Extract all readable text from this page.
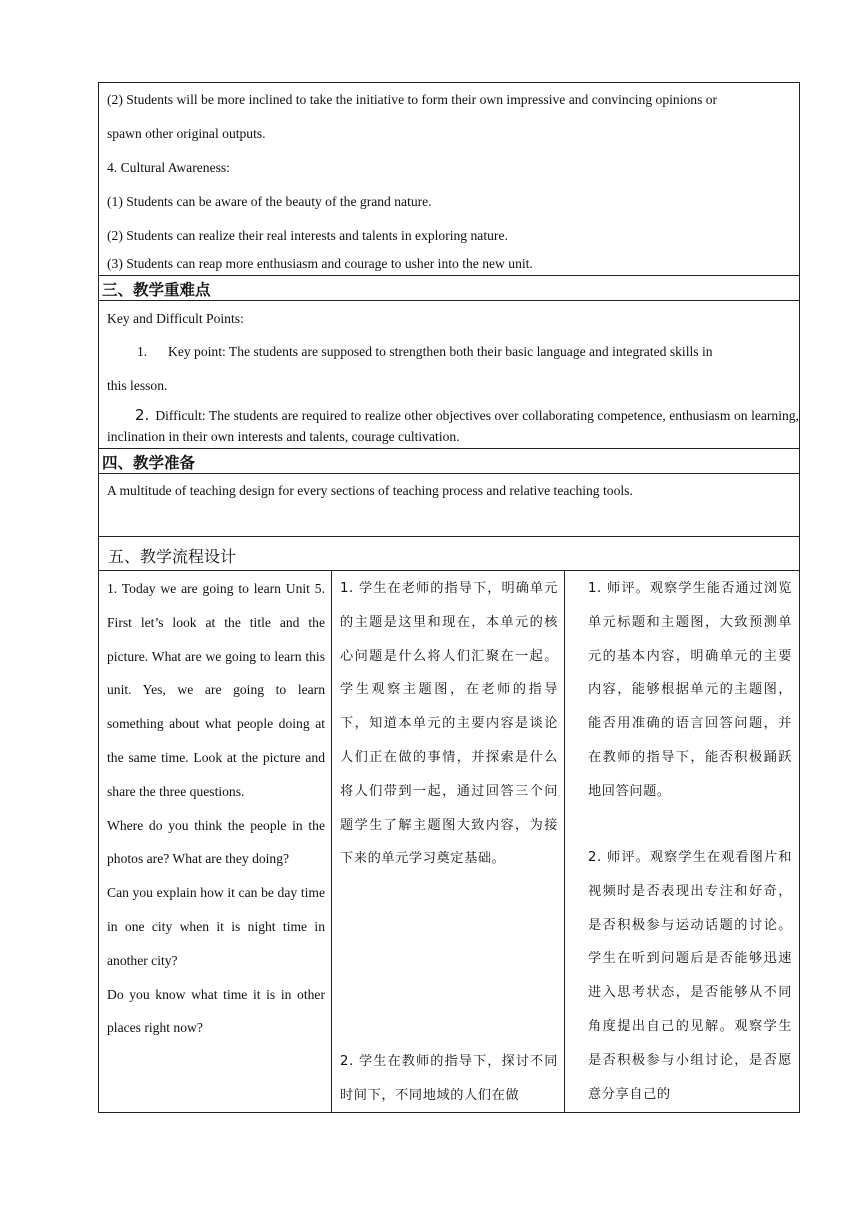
(2) Students will be more inclined to take the initiative to form their own impressive and convincing opinions or
spawn other original outputs.
4. Cultural Awareness:
(1) Students can be aware of the beauty of the grand nature.
(2) Students can realize their real interests and talents in exploring nature.
(3) Students can reap more enthusiasm and courage to usher into the new unit.
三、教学重难点
Key and Difficult Points:
1. Key point: The students are supposed to strengthen both their basic language and integrated skills in
this lesson.
2. Difficult: The students are required to realize other objectives over collaborating competence, enthusiasm on learning, inclination in their own interests and talents, courage cultivation.
四、教学准备
A multitude of teaching design for every sections of teaching process and relative teaching tools.
五、教学流程设计

1. Today we are going to learn Unit 5. First let’s look at the title and the picture. What are we going to learn this unit. Yes, we are going to learn something about what people doing at the same time. Look at the picture and share the three questions.

Where do you think the people in the photos are? What are they doing?

Can you explain how it can be day time in one city when it is night time in another city?

Do you know what time it is in other places right now?

1. 学生在老师的指导下，明确单元的主题是这里和现在，本单元的核心问题是什么将人们汇聚在一起。学生观察主题图，在老师的指导下，知道本单元的主要内容是谈论人们正在做的事情，并探索是什么将人们带到一起，通过回答三个问题学生了解主题图大致内容，为接下来的单元学习奠定基础。

2. 学生在教师的指导下，探讨不同时间下，不同地域的人们在做

1. 师评。观察学生能否通过浏览单元标题和主题图，大致预测单元的基本内容，明确单元的主要内容，能够根据单元的主题图，能否用准确的语言回答问题，并在教师的指导下，能否积极踊跃地回答问题。

2. 师评。观察学生在观看图片和视频时是否表现出专注和好奇，是否积极参与运动话题的讨论。学生在听到问题后是否能够迅速进入思考状态，是否能够从不同角度提出自己的见解。观察学生是否积极参与小组讨论，是否愿意分享自己的
